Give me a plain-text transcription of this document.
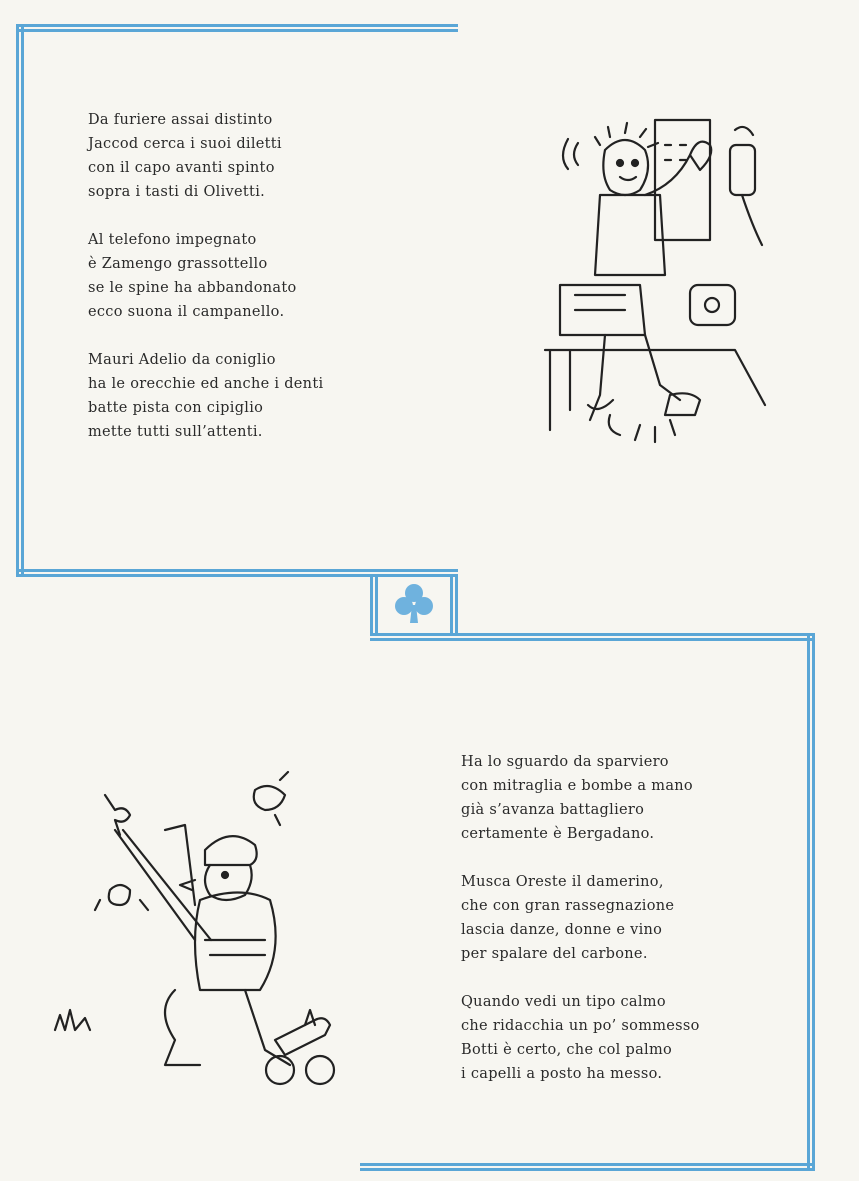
Da furiere assai distinto
Jaccod cerca i suoi diletti
con il capo avanti spinto
sopra i tasti di Olivetti.

Al telefono impegnato
è Zamengo grassottello
se le spine ha abbandonato
ecco suona il campanello.

Mauri Adelio da coniglio
ha le orecchie ed anche i denti
batte pista con cipiglio
mette tutti sull’attenti.

Ha lo sguardo da sparviero
con mitraglia e bombe a mano
già s’avanza battagliero
certamente è Bergadano.

Musca Oreste il damerino,
che con gran rassegnazione
lascia danze, donne e vino
per spalare del carbone.

Quando vedi un tipo calmo
che ridacchia un po’ sommesso
Botti è certo, che col palmo
i capelli a posto ha messo.
